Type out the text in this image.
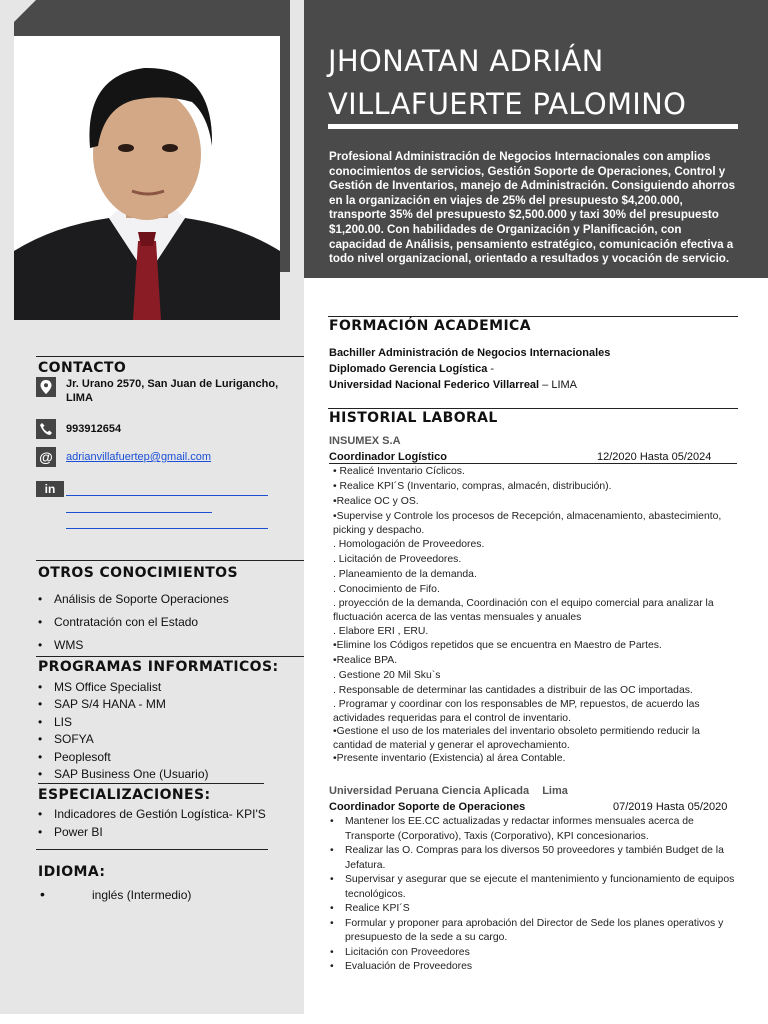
CONTACTO
Jr. Urano 2570, San Juan de Lurigancho,
LIMA
993912654
@ adrianvillafuertep@gmail.com
in
OTROS CONOCIMIENTOS
• Análisis de Soporte Operaciones
• Contratación con el Estado
• WMS
PROGRAMAS INFORMATICOS:
• MS Office Specialist
• SAP S/4 HANA - MM
• LIS
• SOFYA
• Peoplesoft
• SAP Business One (Usuario)
ESPECIALIZACIONES:
• Indicadores de Gestión Logística- KPI'S
• Power BI
IDIOMA:
•	inglés (Intermedio)
JHONATAN ADRIÁN
VILLAFUERTE PALOMINO
Profesional Administración de Negocios Internacionales con amplios conocimientos de servicios, Gestión Soporte de Operaciones, Control y Gestión de Inventarios, manejo de Administración. Consiguiendo ahorros en la organización en viajes de 25% del presupuesto $4,200.000, transporte 35% del presupuesto $2,500.000 y taxi 30% del presupuesto $1,200.00. Con habilidades de Organización y Planificación, con capacidad de Análisis, pensamiento estratégico, comunicación efectiva a todo nivel organizacional, orientado a resultados y vocación de servicio.
FORMACIÓN ACADEMICA
Bachiller Administración de Negocios Internacionales
Diplomado Gerencia Logística -
Universidad Nacional Federico Villarreal – LIMA
HISTORIAL LABORAL
INSUMEX S.A
Coordinador Logístico	12/2020 Hasta 05/2024
• Realicé Inventario Cíclicos.
• Realice KPI´S (Inventario, compras, almacén, distribución).
•Realice OC y OS.
•Supervise y Controle los procesos de Recepción, almacenamiento, abastecimiento, picking y despacho.
. Homologación de Proveedores.
. Licitación de Proveedores.
. Planeamiento de la demanda.
. Conocimiento de Fifo.
. proyección de la demanda, Coordinación con el equipo comercial para analizar la fluctuación acerca de las ventas mensuales y anuales
. Elabore ERI , ERU.
•Elimine los Códigos repetidos que se encuentra en Maestro de Partes.
•Realice BPA.
. Gestione 20 Mil Sku`s
. Responsable de determinar las cantidades a distribuir de las OC importadas.
. Programar y coordinar con los responsables de MP, repuestos, de acuerdo las actividades requeridas para el control de inventario.
•Gestione el uso de los materiales del inventario obsoleto permitiendo reducir la cantidad de material y generar el aprovechamiento.
•Presente inventario (Existencia) al área Contable.
Universidad Peruana Ciencia Aplicada Lima
Coordinador Soporte de Operaciones	07/2019 Hasta 05/2020
• Mantener los EE.CC actualizadas y redactar informes mensuales acerca de Transporte (Corporativo), Taxis (Corporativo), KPI concesionarios.
• Realizar las O. Compras para los diversos 50 proveedores y también Budget de la Jefatura.
• Supervisar y asegurar que se ejecute el mantenimiento y funcionamiento de equipos tecnológicos.
• Realice KPI´S
• Formular y proponer para aprobación del Director de Sede los planes operativos y presupuesto de la sede a su cargo.
• Licitación con Proveedores
• Evaluación de Proveedores
